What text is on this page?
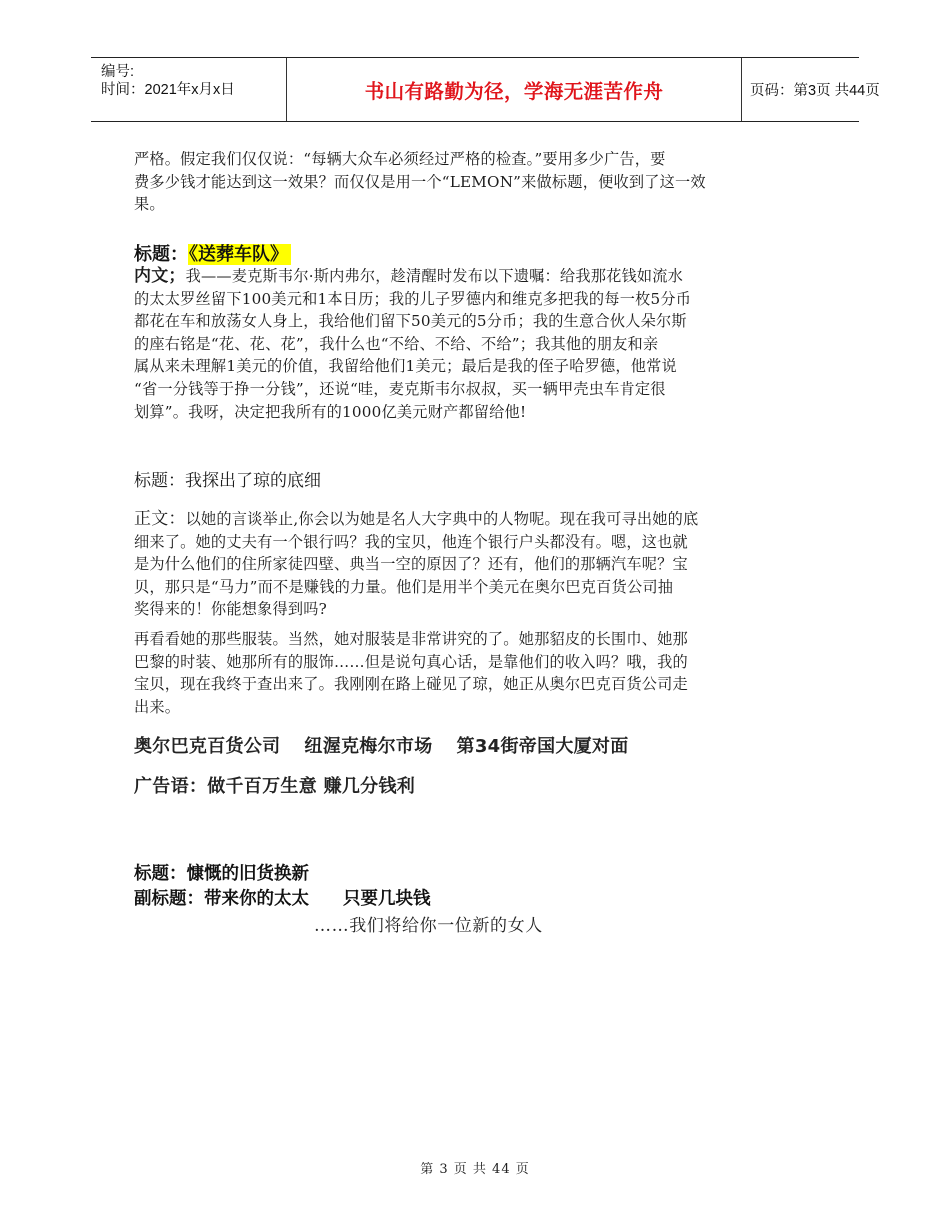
编号:
时间：2021年x月x日	书山有路勤为径，学海无涯苦作舟	页码：第3页 共44页
严格。假定我们仅仅说：“每辆大众车必须经过严格的检查。”要用多少广告，要
费多少钱才能达到这一效果？而仅仅是用一个“LEMON”来做标题，便收到了这一效
果。
标题：《送葬车队》
内文；我——麦克斯韦尔·斯内弗尔，趁清醒时发布以下遗嘱：给我那花钱如流水
的太太罗丝留下100美元和1本日历；我的儿子罗德内和维克多把我的每一枚5分币
都花在车和放荡女人身上，我给他们留下50美元的5分币；我的生意合伙人朵尔斯
的座右铭是“花、花、花”，我什么也“不给、不给、不给”；我其他的朋友和亲
属从来未理解1美元的价值，我留给他们1美元；最后是我的侄子哈罗德，他常说
“省一分钱等于挣一分钱”，还说“哇，麦克斯韦尔叔叔，买一辆甲壳虫车肯定很
划算”。我呀，决定把我所有的1000亿美元财产都留给他!
标题：我探出了琼的底细
正文：以她的言谈举止,你会以为她是名人大字典中的人物呢。现在我可寻出她的底
细来了。她的丈夫有一个银行吗？我的宝贝，他连个银行户头都没有。嗯，这也就
是为什么他们的住所家徒四壁、典当一空的原因了？还有，他们的那辆汽车呢？宝
贝，那只是“马力”而不是赚钱的力量。他们是用半个美元在奥尔巴克百货公司抽
奖得来的！你能想象得到吗?
再看看她的那些服装。当然，她对服装是非常讲究的了。她那貂皮的长围巾、她那
巴黎的时装、她那所有的服饰……但是说句真心话，是靠他们的收入吗？哦，我的
宝贝，现在我终于查出来了。我刚刚在路上碰见了琼，她正从奥尔巴克百货公司走
出来。
奥尔巴克百货公司 纽渥克梅尔市场 第34街帝国大厦对面
广告语：做千百万生意 赚几分钱利
标题：慷慨的旧货换新
副标题：带来你的太太 只要几块钱
……我们将给你一位新的女人
第 3 页 共 44 页
